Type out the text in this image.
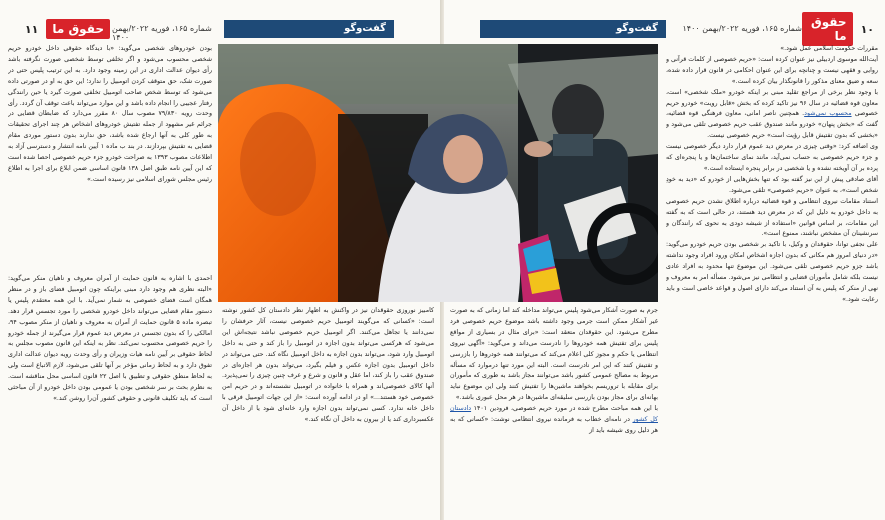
حقوق ما
۱۱	شماره ۱۶۵، فوریه ۲۰۲۲/بهمن ۱۴۰۰
گفت‌وگو

بودن خودروهای شخصی می‌گوید: «با دیدگاه حقوقی داخل خودرو حریم شخصی محسوب می‌شود و اگر تخلفی توسط شخصی صورت نگرفته باشد رأی دیوان عدالت اداری در این زمینه وجود دارد. به این ترتیب پلیس حتی در صورت شک، حق متوقف کردن اتومبیل را ندارد؛ این حق به او در صورتی داده می‌شود که توسط شخص صاحب اتومبیل تخلفی صورت گیرد یا حین رانندگی رفتار عجیبی را انجام داده باشد و این موارد می‌تواند باعث توقف آن گردد. رأی وحدت رویه ۷۹/۸۳۰ مصوب سال ۸۰ مقرر می‌دارد که ضابطان قضایی در جرائم غیر مشهود از جمله تفتیش خودروهای اشخاص هر چند اجرای تحقیقات به طور کلی به آنها ارجاع شده باشد، حق ندارند بدون دستور موردی مقام قضایی به تفتیش بپردازند. در بند ب ماده ۱ آیین نامه انتشار و دسترسی آزاد به اطلاعات مصوب ۱۳۹۳ به صراحت خودرو جزء حریم خصوصی احصا شده است که این آیین نامه طبق اصل ۱۳۸ قانون اساسی ضمن ابلاغ برای اجرا به اطلاع رئیس مجلس شورای اسلامی نیز رسیده است.»

احمدی با اشاره به قانون حمایت از آمران معروف و ناهیان منکر می‌گوید: «البته نظری هم وجود دارد مبنی براینکه چون اتومبیل فضای باز و در منظر همگان است فضای خصوصی به شمار نمی‌آید. با این همه معتقدم پلیس یا دستور مقام قضایی می‌تواند داخل خودرو شخصی را مورد تجسس قرار دهد. تبصره ماده ۵ قانون حمایت از آمران به معروف و ناهیان از منکر مصوب ۹۴، امالکی را که بدون تجسس در معرض دید عموم قرار می‌گیرند از جمله خودرو را حریم خصوصی محسوب نمی‌کند. نظر به اینکه این قانون مصوب مجلس به لحاظ حقوقی بر آیین نامه هیات وزیران و رأی وحدت رویه دیوان عدالت اداری تفوق دارد و به لحاظ زمانی مؤخر بر آنها تلقی می‌شود، لازم الاتباع است ولی به لحاظ منطق حقوقی و تطبیق با اصل ۲۲ قانون اساسی محل مناقشه است. به نظرم بحث بر سر شخصی بودن یا عمومی بودن داخل خودرو از آن مباحثی است که باید تکلیف قانونی و حقوقی کشور آن‌را روشن کند.»

کامبیز نوروزی حقوقدان نیز در واکنش به اظهار نظر دادستان کل کشور نوشته است: «کسانی که می‌گویند اتومبیل حریم خصوصی نیست، آثار حرفشان را نمی‌دانند یا تجاهل می‌کنند. اگر اتومبیل حریم خصوصی نباشد نتیجه‌اش این می‌شود که هرکسی می‌تواند بدون اجازه در اتومبیل را باز کند و حتی به داخل اتومبیل وارد شود، می‌تواند بدون اجازه به داخل اتومبیل نگاه کند. حتی می‌تواند در داخل اتومبیل بدون اجازه عکس و فیلم بگیرد، می‌تواند بدون هر اجازه‌ای در صندوق عقب را باز کند، اما عقل و قانون و شرع و عرف چنین چیزی را نمی‌پذیرد. آنها کالای خصوصی‌اند و همراه با خانواده در اتومبیل نشسته‌اند و در حریم امن خصوصی خود هستند...» او در ادامه آورده است: «از این جهات اتومبیل فرقی با داخل خانه ندارد. کسی نمی‌تواند بدون اجازه وارد خانه‌ای شود یا از داخل آن عکسبرداری کند یا از بیرون به داخل آن نگاه کند.»

گفت‌وگو	شماره ۱۶۵، فوریه ۲۰۲۲/بهمن ۱۴۰۰	۱۰
حقوق ما

مقررات حکومت اسلامی عمل شود.»

آیت‌الله موسوی اردبیلی نیز عنوان کرده است: «حریم خصوصی از کلمات قرآنی و روایی و فقهی نیست و چنانچه برای این عنوان احکامی در قانون قرار داده شده، سعه و ضیق معنای مذکور را قانونگذار بیان کرده است.»

با وجود نظر برخی از مراجع تقلید مبنی بر اینکه خودرو «ملک شخصی» است، معاون قوه قضائیه در سال ۹۶ نیز تاکید کرده که بخش «قابل رویت» خودرو حریم خصوصی محسوب نمی‌شود. همچنین ناصر امانی، معاون فرهنگی قوه قضائیه، گفت که «بخش پنهان» خودرو مانند صندوق عقب حریم خصوصی تلقی می‌شود و «بخشی که بدون تفتیش قابل رؤیت است» حریم خصوصی نیست.

وی اضافه کرد: «وقتی چیزی در معرض دید عموم قرار دارد دیگر خصوصی نیست و جزء حریم خصوصی به حساب نمی‌آید، مانند نمای ساختمان‌ها و یا پنجره‌ای که پرده بر آن آویخته نشده و یا شخصی در برابر پنجره ایستاده است.»

آقای صادقی پیش از این نیز گفته بود که تنها بخش‌هایی از خودرو که «دید به خودِ شخص است»، به عنوان «حریم خصوصی» تلقی می‌شود.

استناد مقامات نیروی انتظامی و قوه قضائیه درباره اطلاق نشدن حریم خصوصی به داخل خودرو به دلیل این که در معرض دید هستند، در حالی است که به گفته این مقامات، بر اساس قوانین «استفاده از شیشه دودی به نحوی که رانندگان و سرنشینان آن مشخص نباشند، ممنوع است».

علی نجفی توانا، حقوقدان و وکیل، با تاکید بر شخصی بودن حریم خودرو می‌گوید: «در دنیای امروز هم مکانی که بدون اجازه اشخاص امکان ورود افراد وجود نداشته باشد جزو حریم خصوصی تلقی می‌شود. این موضوع تنها محدود به افراد عادی نیست بلکه شامل مأموران قضایی و انتظامی نیز می‌شود. مسأله امر به معروف و نهی از منکر که پلیس به آن استناد می‌کند دارای اصول و قواعد خاصی است و باید رعایت شود.»

جرم به صورت آشکار می‌شود پلیس می‌تواند مداخله کند اما زمانی که به صورت غیر آشکار ممکن است جرمی وجود داشته باشد موضوع حریم خصوصی فرد مطرح می‌شود. این حقوقدان متعقد است: «برای مثال در بسیاری از مواقع پلیس برای تفتیش همه خودروها را نادرست می‌داند و می‌گوید: «آگهی نیروی انتظامی یا حکم و مجوز کلی اعلام می‌کند که می‌توانند همه خودروها را بازرسی و تفتیش کنند که این امر نادرست است. البته این مورد تنها درموارد که مسأله مربوط به مصالح عمومی کشور باشد می‌توانند مجاز باشد به طوری که مأموران برای مقابله با تروریسم بخواهند ماشین‌ها را تفتیش کنند ولی این موضوع نباید بهانه‌ای برای مجاز بودن بازرسی سلیقه‌ای ماشین‌ها در هر محل عبوری باشد.»

با این همه مباحث مطرح شده در مورد حریم خصوصی، فرودین ۱۴۰۱ دادستان کل کشور در نامه‌ای خطاب به فرمانده نیروی انتظامی نوشت: «کسانی که به هر دلیل روی شیشه باید از
